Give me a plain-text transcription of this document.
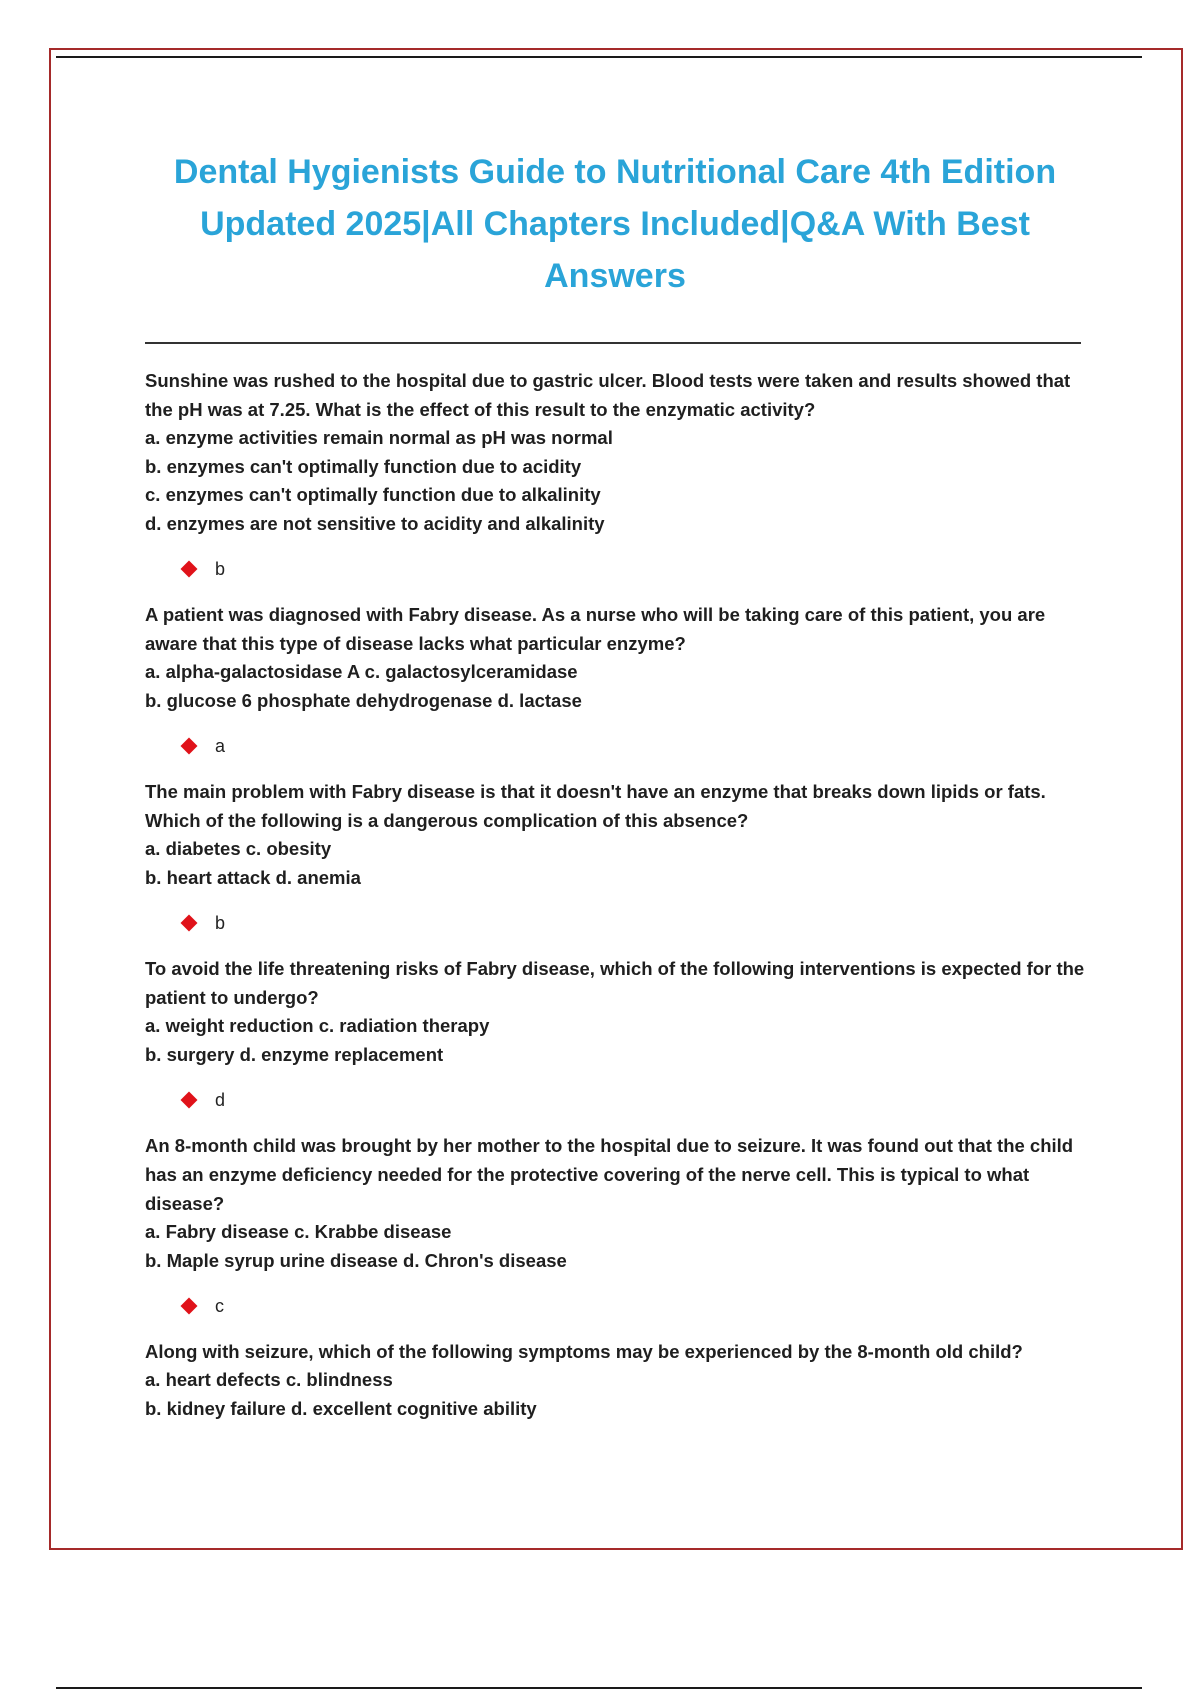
Dental Hygienists Guide to Nutritional Care 4th Edition Updated 2025|All Chapters Included|Q&A With Best Answers

Sunshine was rushed to the hospital due to gastric ulcer. Blood tests were taken and results showed that the pH was at 7.25. What is the effect of this result to the enzymatic activity?

a. enzyme activities remain normal as pH was normal

b. enzymes can't optimally function due to acidity

c. enzymes can't optimally function due to alkalinity

d. enzymes are not sensitive to acidity and alkalinity

b

A patient was diagnosed with Fabry disease. As a nurse who will be taking care of this patient, you are aware that this type of disease lacks what particular enzyme?

a. alpha-galactosidase A c. galactosylceramidase

b. glucose 6 phosphate dehydrogenase d. lactase

a

The main problem with Fabry disease is that it doesn't have an enzyme that breaks down lipids or fats. Which of the following is a dangerous complication of this absence?

a. diabetes c. obesity

b. heart attack d. anemia

b

To avoid the life threatening risks of Fabry disease, which of the following interventions is expected for the patient to undergo?

a. weight reduction c. radiation therapy

b. surgery d. enzyme replacement

d

An 8-month child was brought by her mother to the hospital due to seizure. It was found out that the child has an enzyme deficiency needed for the protective covering of the nerve cell. This is typical to what disease?

a. Fabry disease c. Krabbe disease

b. Maple syrup urine disease d. Chron's disease

c

Along with seizure, which of the following symptoms may be experienced by the 8-month old child?

a. heart defects c. blindness

b. kidney failure d. excellent cognitive ability
